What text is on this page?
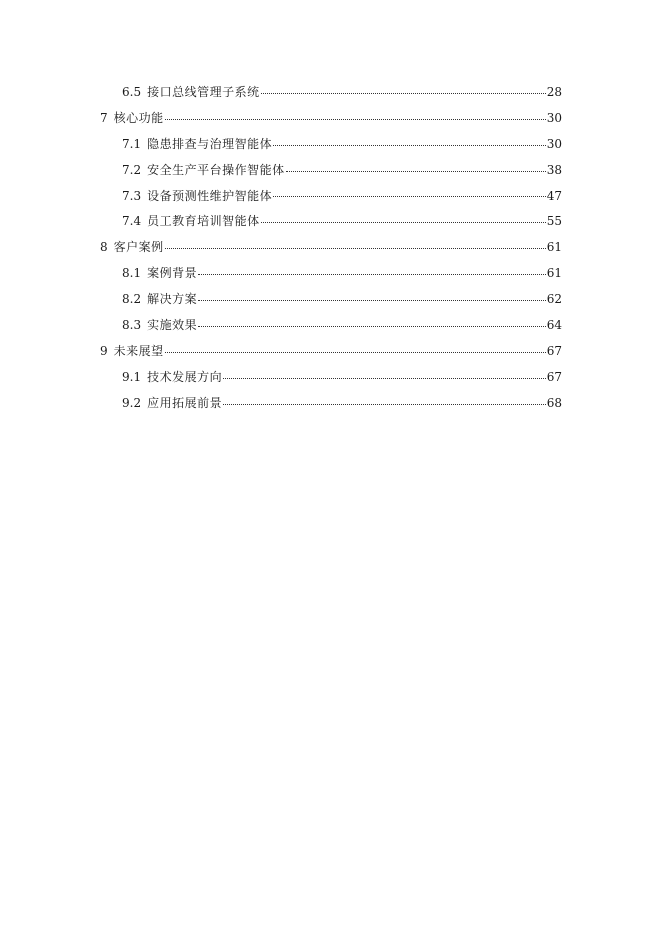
6.5 接口总线管理子系统	28
7 核心功能	30
7.1 隐患排查与治理智能体	30
7.2 安全生产平台操作智能体	38
7.3 设备预测性维护智能体	47
7.4 员工教育培训智能体	55
8 客户案例	61
8.1 案例背景	61
8.2 解决方案	62
8.3 实施效果	64
9 未来展望	67
9.1 技术发展方向	67
9.2 应用拓展前景	68
